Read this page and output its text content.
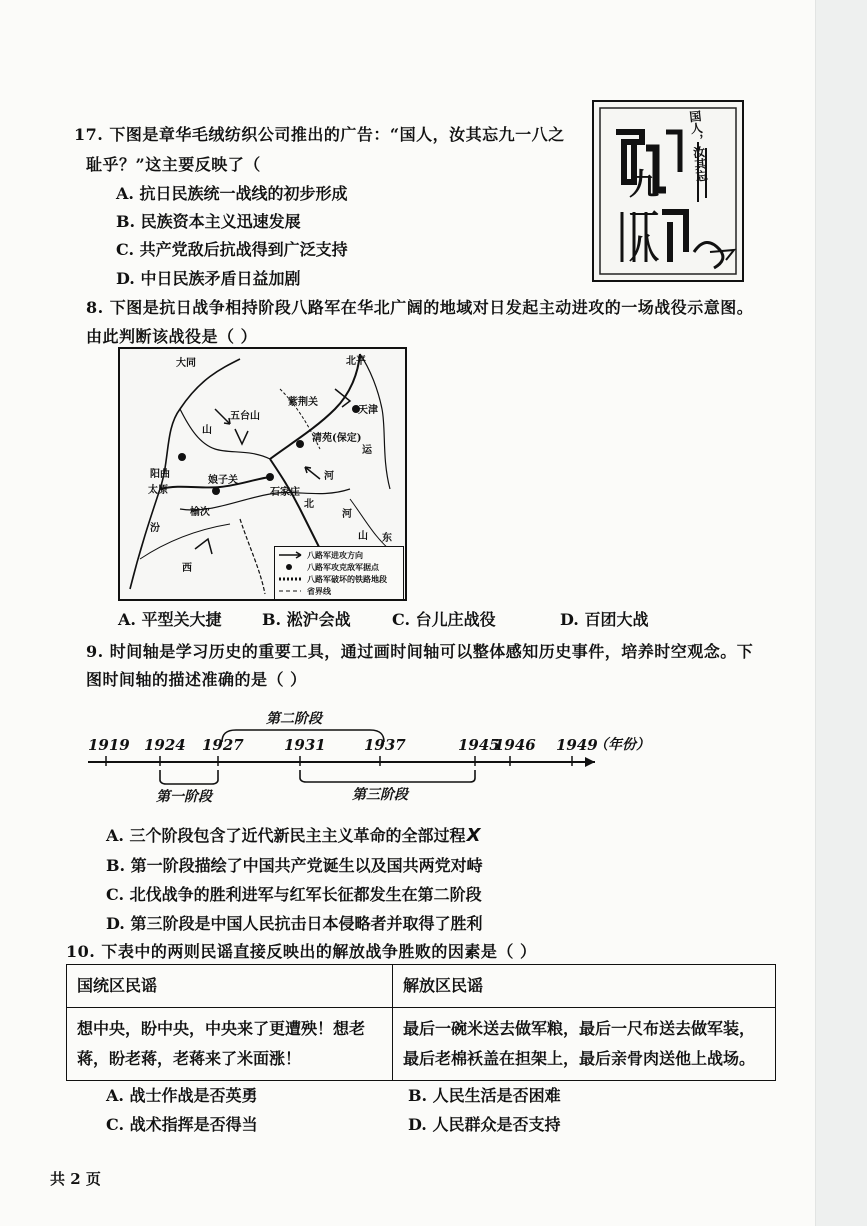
17. 下图是章华毛绒纺织公司推出的广告：“国人，汝其忘九一八之
耻乎？”这主要反映了（
A. 抗日民族统一战线的初步形成
B. 民族资本主义迅速发展
C. 共产党敌后抗战得到广泛支持
D. 中日民族矛盾日益加剧
九一八
国人，汝其忘
8. 下图是抗日战争相持阶段八路军在华北广阔的地域对日发起主动进攻的一场战役示意图。
由此判断该战役是（ ）
大同	北平
五台山
紫荆关
天津
山
清苑(保定)
运
阳曲
太原
娘子关
石家庄
河
榆次
汾
西
北
河
山 东
八路军进攻方向
八路军攻克敌军据点
八路军破坏的铁路地段
省界线
A. 平型关大捷	B. 淞沪会战	C. 台儿庄战役	D. 百团大战
9. 时间轴是学习历史的重要工具，通过画时间轴可以整体感知历史事件，培养时空观念。下
图时间轴的描述准确的是（ ）
1919 1924 1927	1931	1937	1945
1946 1949
（年份）
第二阶段
第一阶段	第三阶段
A. 三个阶段包含了近代新民主主义革命的全部过程X
B. 第一阶段描绘了中国共产党诞生以及国共两党对峙
C. 北伐战争的胜利进军与红军长征都发生在第二阶段
D. 第三阶段是中国人民抗击日本侵略者并取得了胜利
10. 下表中的两则民谣直接反映出的解放战争胜败的因素是（ ）
国统区民谣	解放区民谣
想中央，盼中央，中央来了更遭殃！想老蒋，盼老蒋，老蒋来了米面涨！	最后一碗米送去做军粮，最后一尺布送去做军装，最后老棉袄盖在担架上，最后亲骨肉送他上战场。
A. 战士作战是否英勇	B. 人民生活是否困难
C. 战术指挥是否得当	D. 人民群众是否支持
共 2 页
